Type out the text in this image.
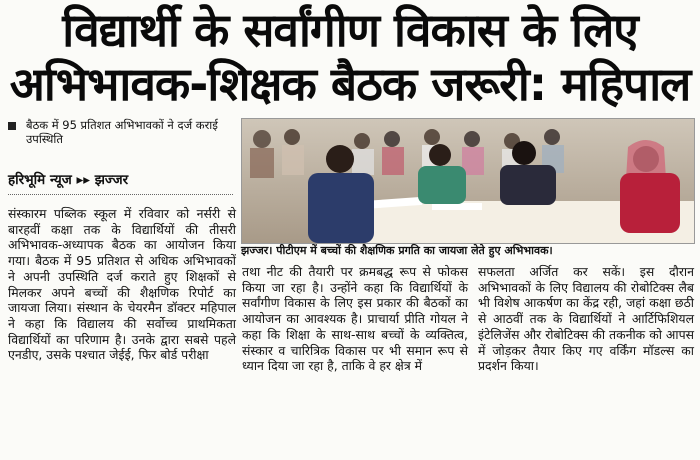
विद्यार्थी के सर्वांगीण विकास के लिए
अभिभावक-शिक्षक बैठक जरूरी: महिपाल
बैठक में 95 प्रतिशत अभिभावकों ने दर्ज कराई उपस्थिति
हरिभूमि न्यूज ▸▸ झज्जर
झज्जर। पीटीएम में बच्चों की शैक्षणिक प्रगति का जायजा लेते हुए अभिभावक।

संस्कारम पब्लिक स्कूल में रविवार को नर्सरी से बारहवीं कक्षा तक के विद्यार्थियों की तीसरी अभिभावक-अध्यापक बैठक का आयोजन किया गया। बैठक में 95 प्रतिशत से अधिक अभिभावकों ने अपनी उपस्थिति दर्ज कराते हुए शिक्षकों से मिलकर अपने बच्चों की शैक्षणिक रिपोर्ट का जायजा लिया। संस्थान के चेयरमैन डॉक्टर महिपाल ने कहा कि विद्यालय की सर्वोच्च प्राथमिकता विद्यार्थियों का परिणाम है। उनके द्वारा सबसे पहले एनडीए, उसके पश्चात जेईई, फिर बोर्ड परीक्षा

तथा नीट की तैयारी पर क्रमबद्ध रूप से फोकस किया जा रहा है। उन्होंने कहा कि विद्यार्थियों के सर्वांगीण विकास के लिए इस प्रकार की बैठकों का आयोजन का आवश्यक है। प्राचार्या प्रीति गोयल ने कहा कि शिक्षा के साथ-साथ बच्चों के व्यक्तित्व, संस्कार व चारित्रिक विकास पर भी समान रूप से ध्यान दिया जा रहा है, ताकि वे हर क्षेत्र में

सफलता अर्जित कर सकें। इस दौरान अभिभावकों के लिए विद्यालय की रोबोटिक्स लैब भी विशेष आकर्षण का केंद्र रही, जहां कक्षा छठी से आठवीं तक के विद्यार्थियों ने आर्टिफिशियल इंटेलिजेंस और रोबोटिक्स की तकनीक को आपस में जोड़कर तैयार किए गए वर्किंग मॉडल्स का प्रदर्शन किया।
